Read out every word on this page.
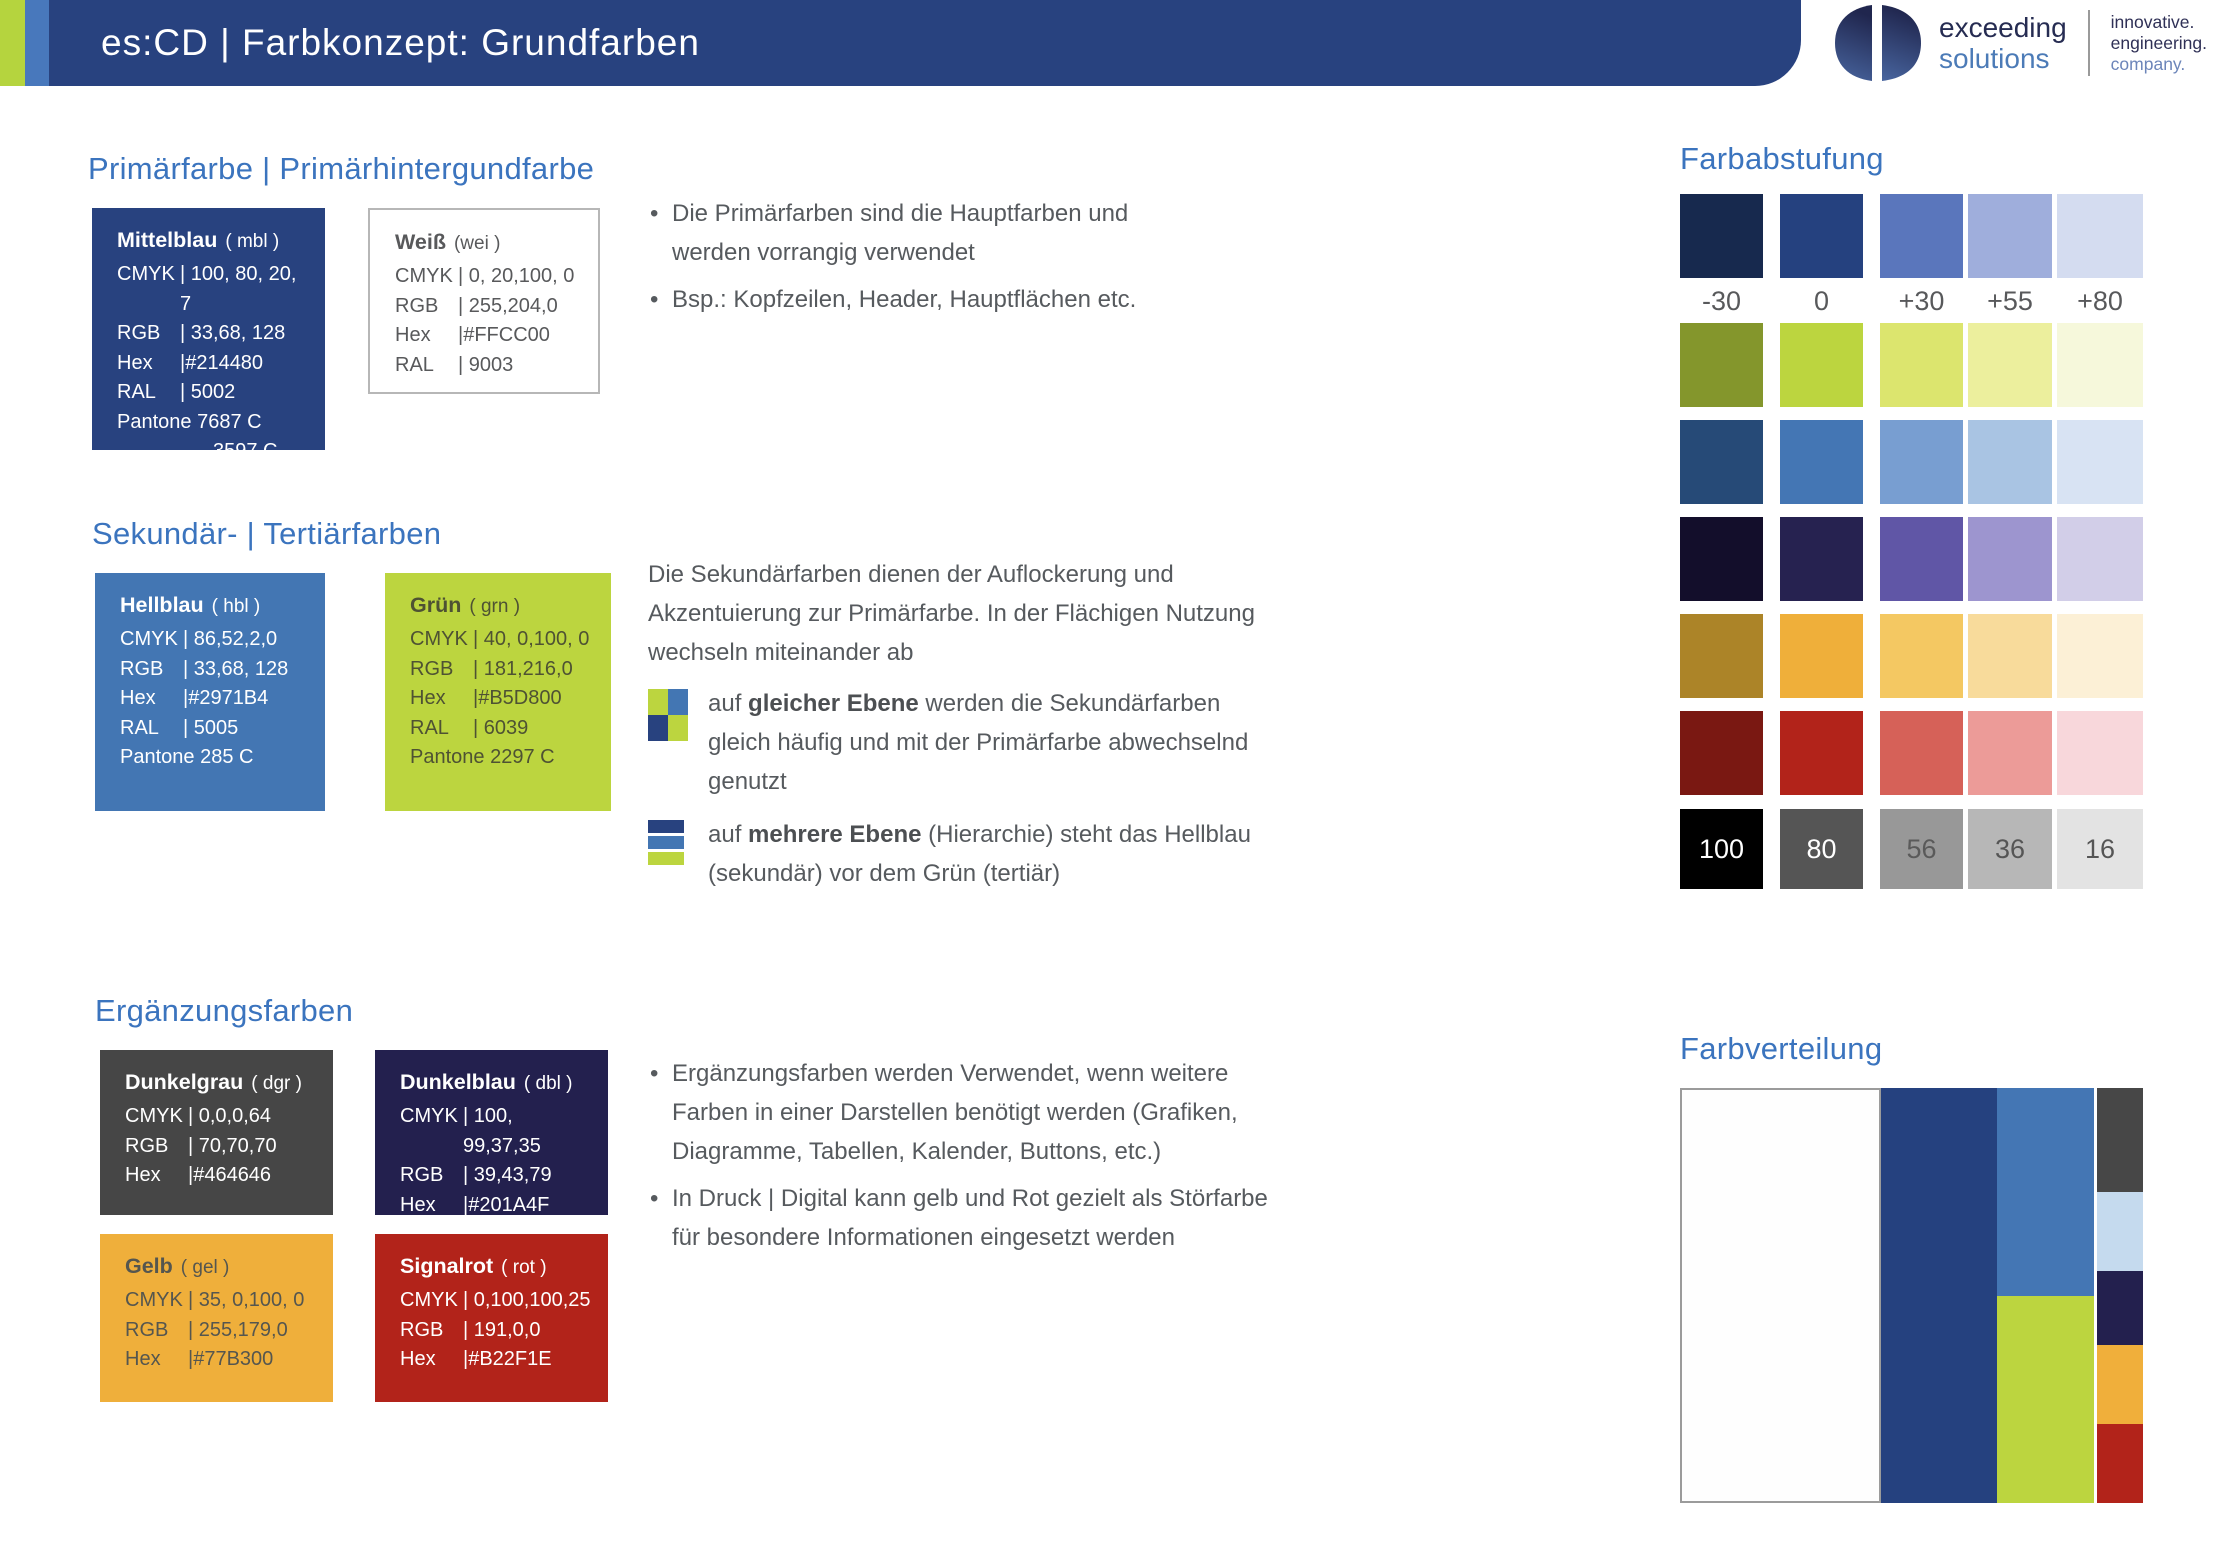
es:CD | Farbkonzept: Grundfarben	exceeding
solutions
innovative.
engineering.
company.
Primärfarbe | Primärhintergundfarbe
Mittelblau ( mbl )
CMYK | 100, 80, 20, 7
RGB | 33,68, 128
Hex	|#214480
RAL	| 5002
Pantone 7687 C
3597 C
Weiß (wei )
CMYK | 0, 20,100, 0
RGB | 255,204,0
Hex	|#FFCC00
RAL	| 9003
• Die Primärfarben sind die Hauptfarben und werden vorrangig verwendet
• Bsp.: Kopfzeilen, Header, Hauptflächen etc.
Sekundär- | Tertiärfarben
Hellblau ( hbl )
CMYK | 86,52,2,0
RGB | 33,68, 128
Hex	|#2971B4
RAL	| 5005
Pantone 285 C
Grün ( grn )
CMYK | 40, 0,100, 0
RGB | 181,216,0
Hex	|#B5D800
RAL	| 6039
Pantone 2297 C

Die Sekundärfarben dienen der Auflockerung und Akzentuierung zur Primärfarbe. In der Flächigen Nutzung wechseln miteinander ab

auf gleicher Ebene werden die Sekundärfarben gleich häufig und mit der Primärfarbe abwechselnd genutzt

auf mehrere Ebene (Hierarchie) steht das Hellblau (sekundär) vor dem Grün (tertiär)

Ergänzungsfarben
Dunkelgrau ( dgr )
CMYK | 0,0,0,64
RGB | 70,70,70
Hex	|#464646
Dunkelblau ( dbl )
CMYK | 100, 99,37,35
RGB | 39,43,79
Hex	|#201A4F
Gelb ( gel )
CMYK | 35, 0,100, 0
RGB | 255,179,0
Hex	|#77B300
Signalrot ( rot )
CMYK | 0,100,100,25
RGB | 191,0,0
Hex	|#B22F1E
• Ergänzungsfarben werden Verwendet, wenn weitere Farben in einer Darstellen benötigt werden (Grafiken, Diagramme, Tabellen, Kalender, Buttons, etc.)
• In Druck | Digital kann gelb und Rot gezielt als Störfarbe für besondere Informationen eingesetzt werden
Farbabstufung
-30	0	+30	+55	+80
100	80	56	36	16
Farbverteilung
